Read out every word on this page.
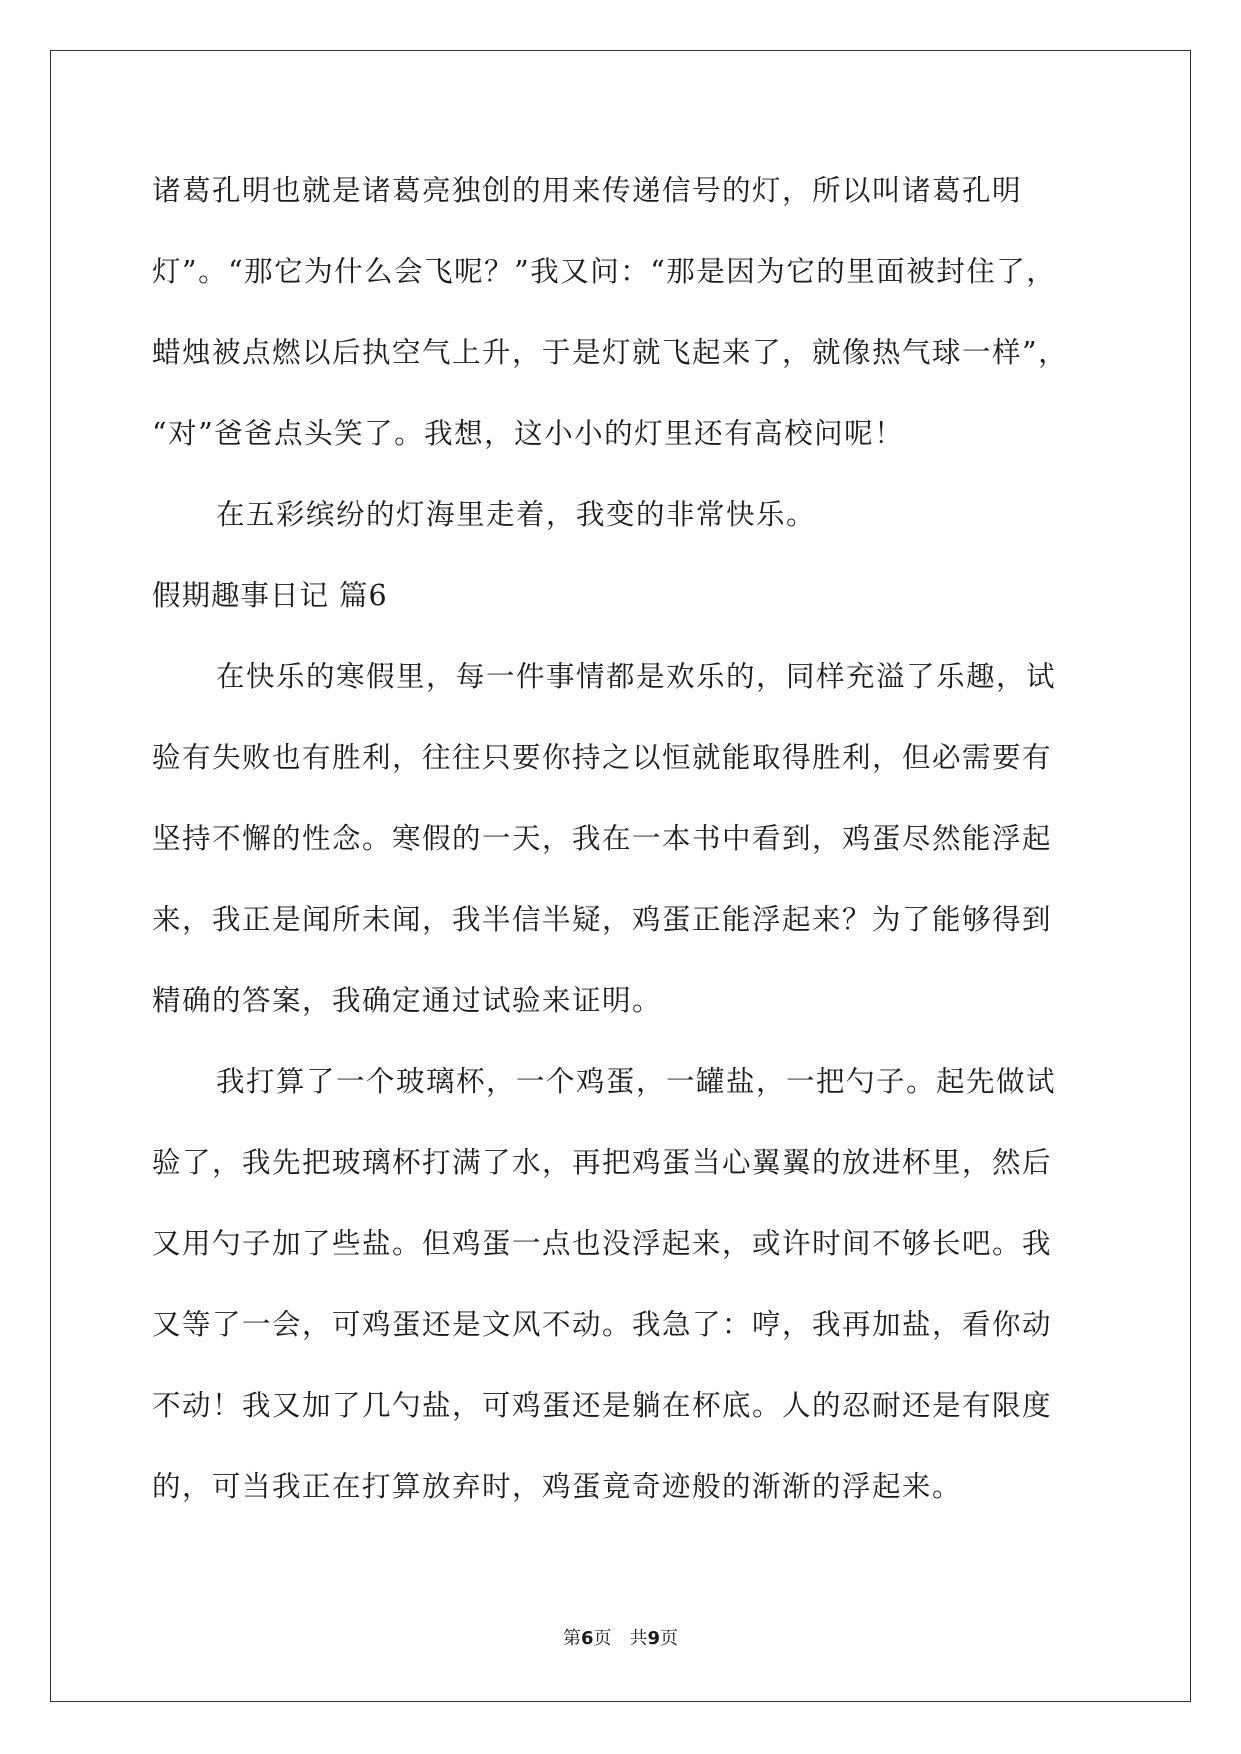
诸葛孔明也就是诸葛亮独创的用来传递信号的灯，所以叫诸葛孔明
灯”。“那它为什么会飞呢？”我又问：“那是因为它的里面被封住了，
蜡烛被点燃以后执空气上升，于是灯就飞起来了，就像热气球一样”，
“对”爸爸点头笑了。我想，这小小的灯里还有高校问呢！
在五彩缤纷的灯海里走着，我变的非常快乐。
假期趣事日记 篇6
在快乐的寒假里，每一件事情都是欢乐的，同样充溢了乐趣，试
验有失败也有胜利，往往只要你持之以恒就能取得胜利，但必需要有
坚持不懈的性念。寒假的一天，我在一本书中看到，鸡蛋尽然能浮起
来，我正是闻所未闻，我半信半疑，鸡蛋正能浮起来？为了能够得到
精确的答案，我确定通过试验来证明。
我打算了一个玻璃杯，一个鸡蛋，一罐盐，一把勺子。起先做试
验了，我先把玻璃杯打满了水，再把鸡蛋当心翼翼的放进杯里，然后
又用勺子加了些盐。但鸡蛋一点也没浮起来，或许时间不够长吧。我
又等了一会，可鸡蛋还是文风不动。我急了：哼，我再加盐，看你动
不动！我又加了几勺盐，可鸡蛋还是躺在杯底。人的忍耐还是有限度
的，可当我正在打算放弃时，鸡蛋竟奇迹般的渐渐的浮起来。
第6页　共9页
